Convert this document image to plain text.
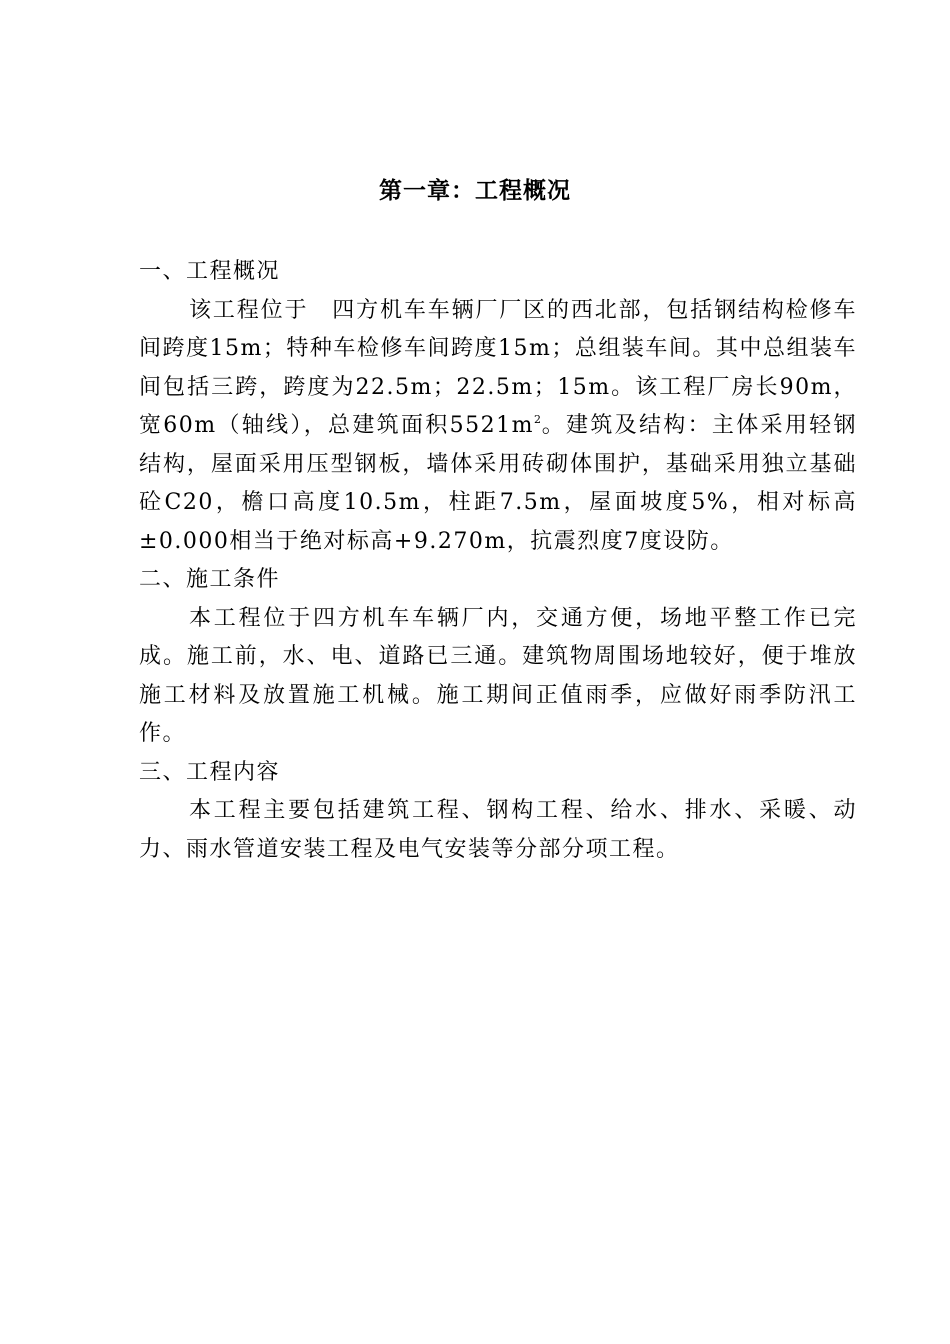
第一章：工程概况

一、工程概况

该工程位于　四方机车车辆厂厂区的西北部，包括钢结构检修车间跨度15m；特种车检修车间跨度15m；总组装车间。其中总组装车间包括三跨，跨度为22.5m；22.5m；15m。该工程厂房长90m，宽60m（轴线），总建筑面积$5521m^2$。建筑及结构：主体采用轻钢结构，屋面采用压型钢板，墙体采用砖砌体围护，基础采用独立基础砼C20，檐口高度10.5m，柱距7.5m，屋面坡度5%，相对标高±0.000相当于绝对标高+9.270m，抗震烈度7度设防。

二、施工条件

本工程位于四方机车车辆厂内，交通方便，场地平整工作已完成。施工前，水、电、道路已三通。建筑物周围场地较好，便于堆放施工材料及放置施工机械。施工期间正值雨季，应做好雨季防汛工作。

三、工程内容

本工程主要包括建筑工程、钢构工程、给水、排水、采暖、动力、雨水管道安装工程及电气安装等分部分项工程。
